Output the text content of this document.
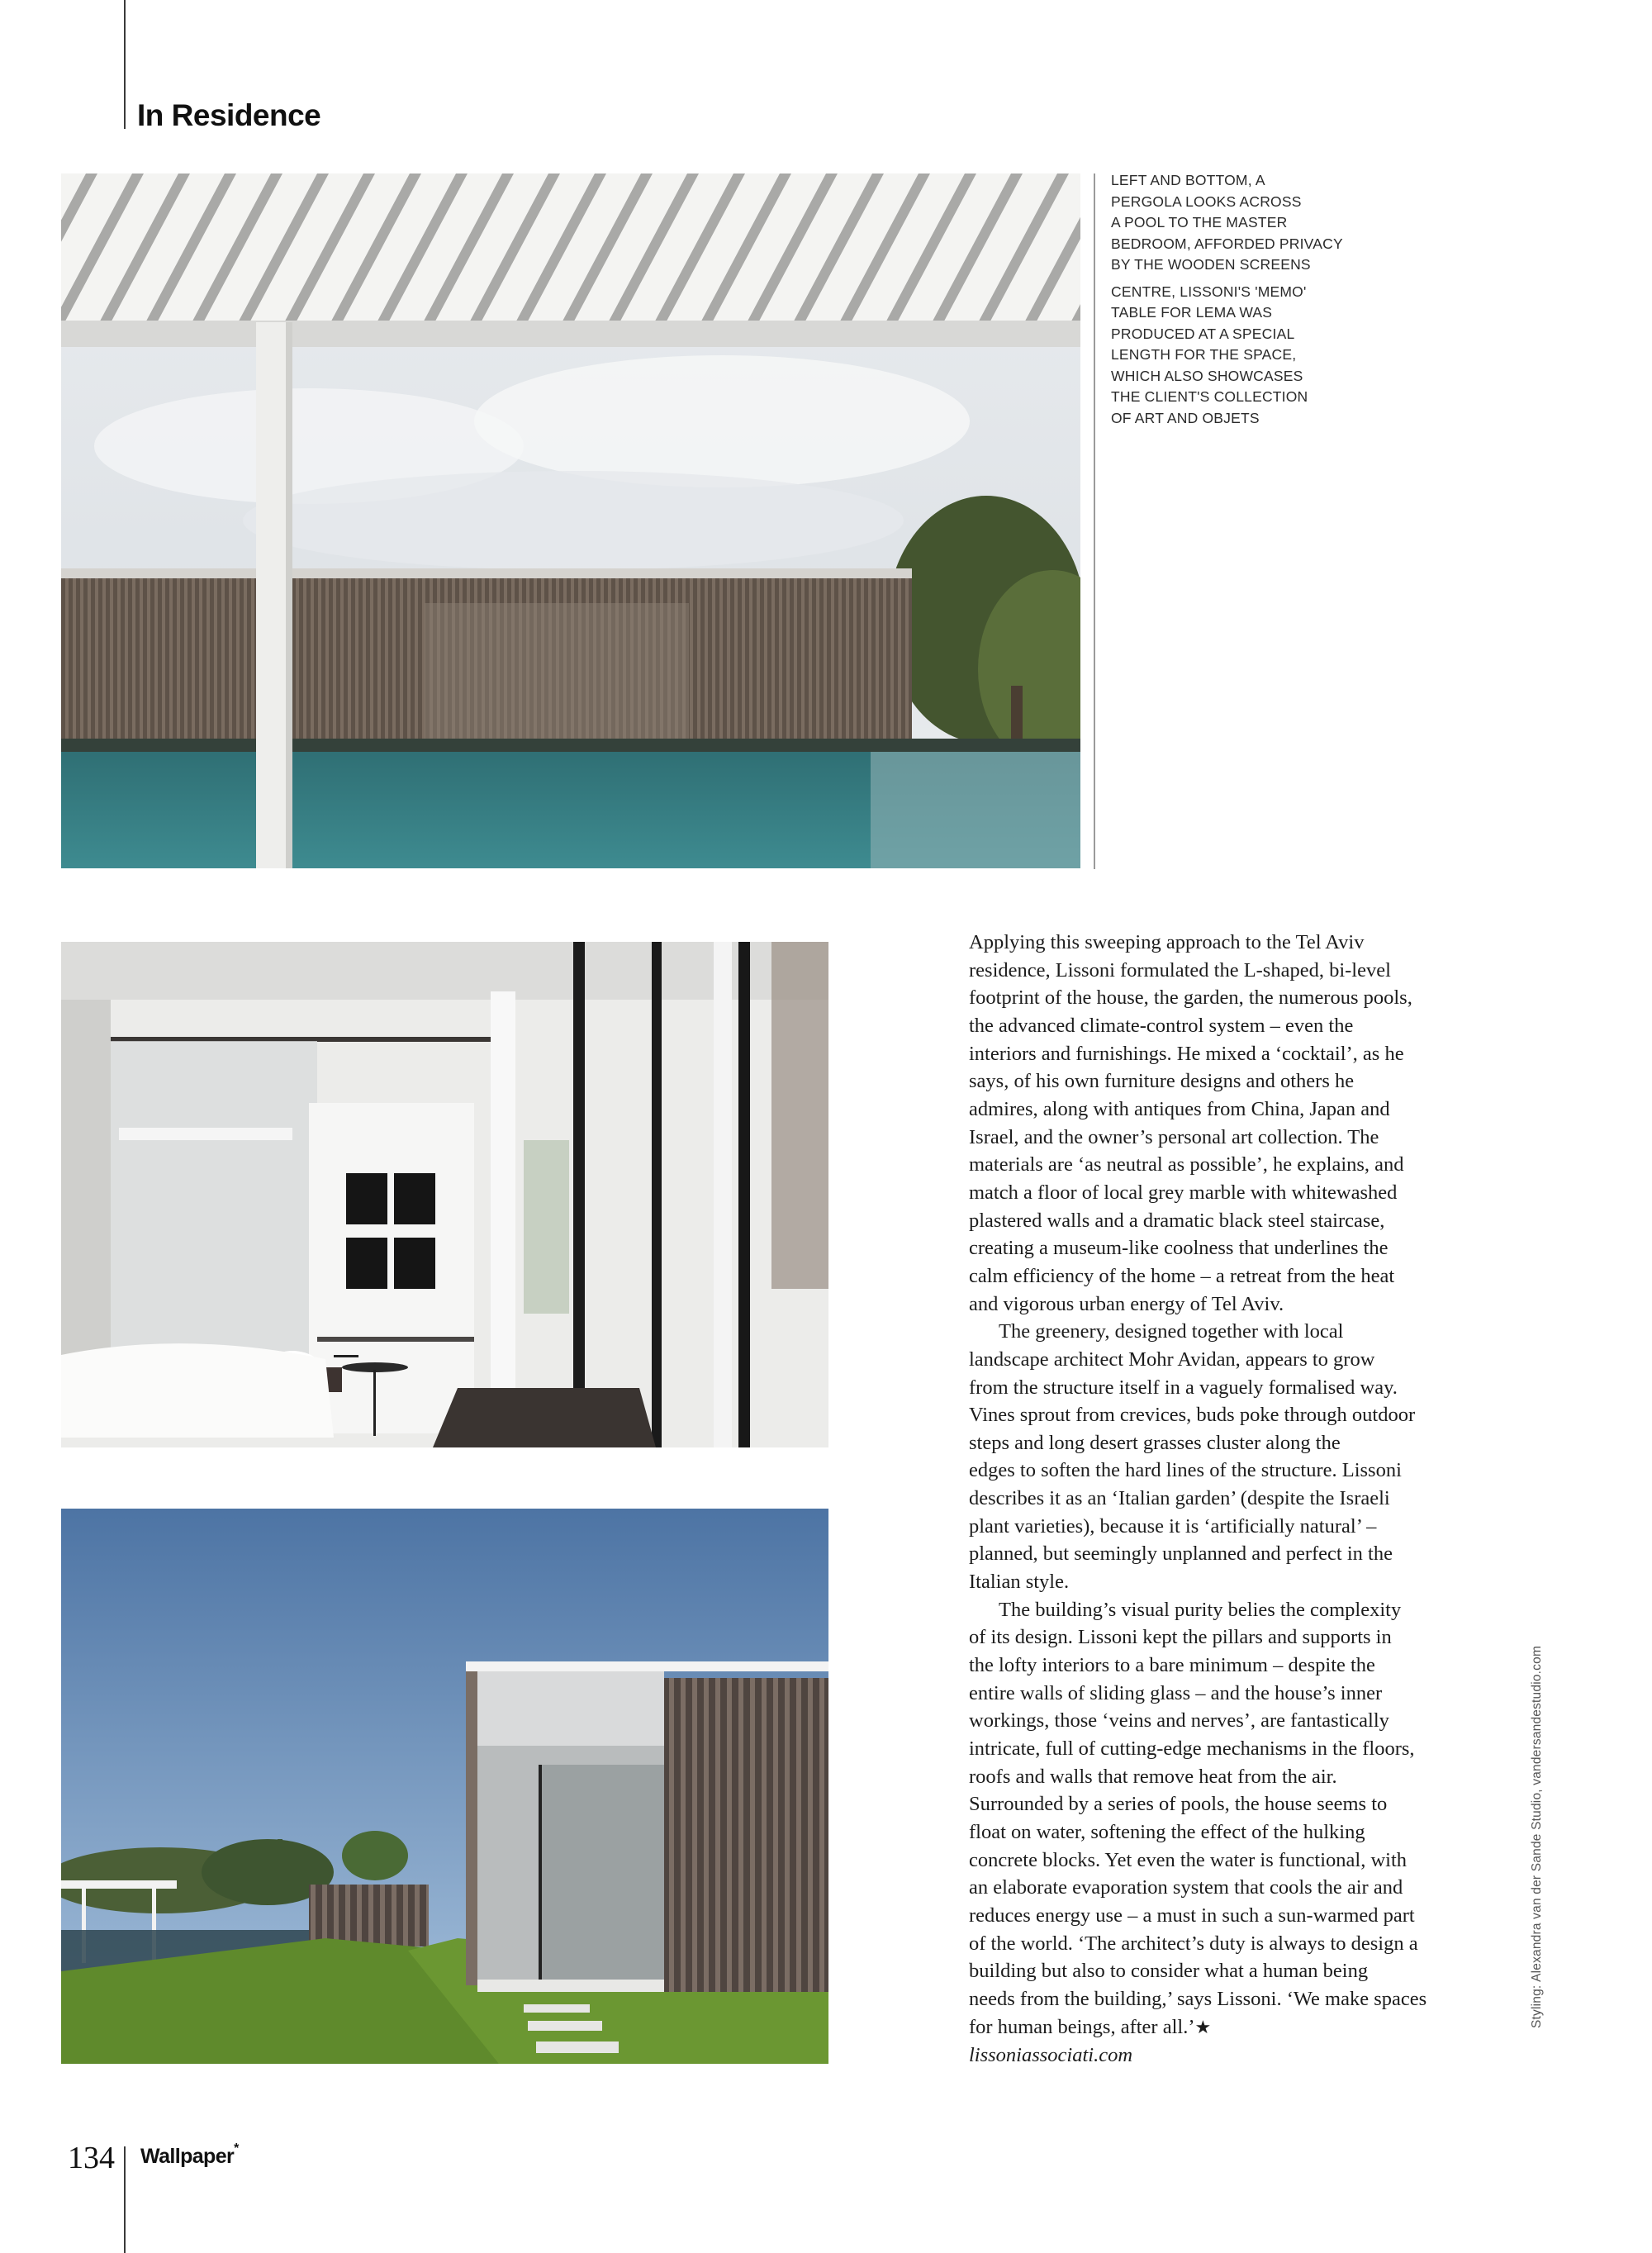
In Residence
LEFT AND BOTTOM, A
PERGOLA LOOKS ACROSS
A POOL TO THE MASTER
BEDROOM, AFFORDED PRIVACY
BY THE WOODEN SCREENS
CENTRE, LISSONI'S 'MEMO'
TABLE FOR LEMA WAS
PRODUCED AT A SPECIAL
LENGTH FOR THE SPACE,
WHICH ALSO SHOWCASES
THE CLIENT'S COLLECTION
OF ART AND OBJETS
Applying this sweeping approach to the Tel Aviv
residence, Lissoni formulated the L-shaped, bi-level
footprint of the house, the garden, the numerous pools,
the advanced climate-control system – even the
interiors and furnishings. He mixed a ‘cocktail’, as he
says, of his own furniture designs and others he
admires, along with antiques from China, Japan and
Israel, and the owner’s personal art collection. The
materials are ‘as neutral as possible’, he explains, and
match a floor of local grey marble with whitewashed
plastered walls and a dramatic black steel staircase,
creating a museum-like coolness that underlines the
calm efficiency of the home – a retreat from the heat
and vigorous urban energy of Tel Aviv.
The greenery, designed together with local
landscape architect Mohr Avidan, appears to grow
from the structure itself in a vaguely formalised way.
Vines sprout from crevices, buds poke through outdoor
steps and long desert grasses cluster along the
edges to soften the hard lines of the structure. Lissoni
describes it as an ‘Italian garden’ (despite the Israeli
plant varieties), because it is ‘artificially natural’ –
planned, but seemingly unplanned and perfect in the
Italian style.
The building’s visual purity belies the complexity
of its design. Lissoni kept the pillars and supports in
the lofty interiors to a bare minimum – despite the
entire walls of sliding glass – and the house’s inner
workings, those ‘veins and nerves’, are fantastically
intricate, full of cutting-edge mechanisms in the floors,
roofs and walls that remove heat from the air.
Surrounded by a series of pools, the house seems to
float on water, softening the effect of the hulking
concrete blocks. Yet even the water is functional, with
an elaborate evaporation system that cools the air and
reduces energy use – a must in such a sun-warmed part
of the world. ‘The architect’s duty is always to design a
building but also to consider what a human being
needs from the building,’ says Lissoni. ‘We make spaces
for human beings, after all.’★
lissoniassociati.com
Styling: Alexandra van der Sande Studio, vandersandestudio.com
134 Wallpaper*
